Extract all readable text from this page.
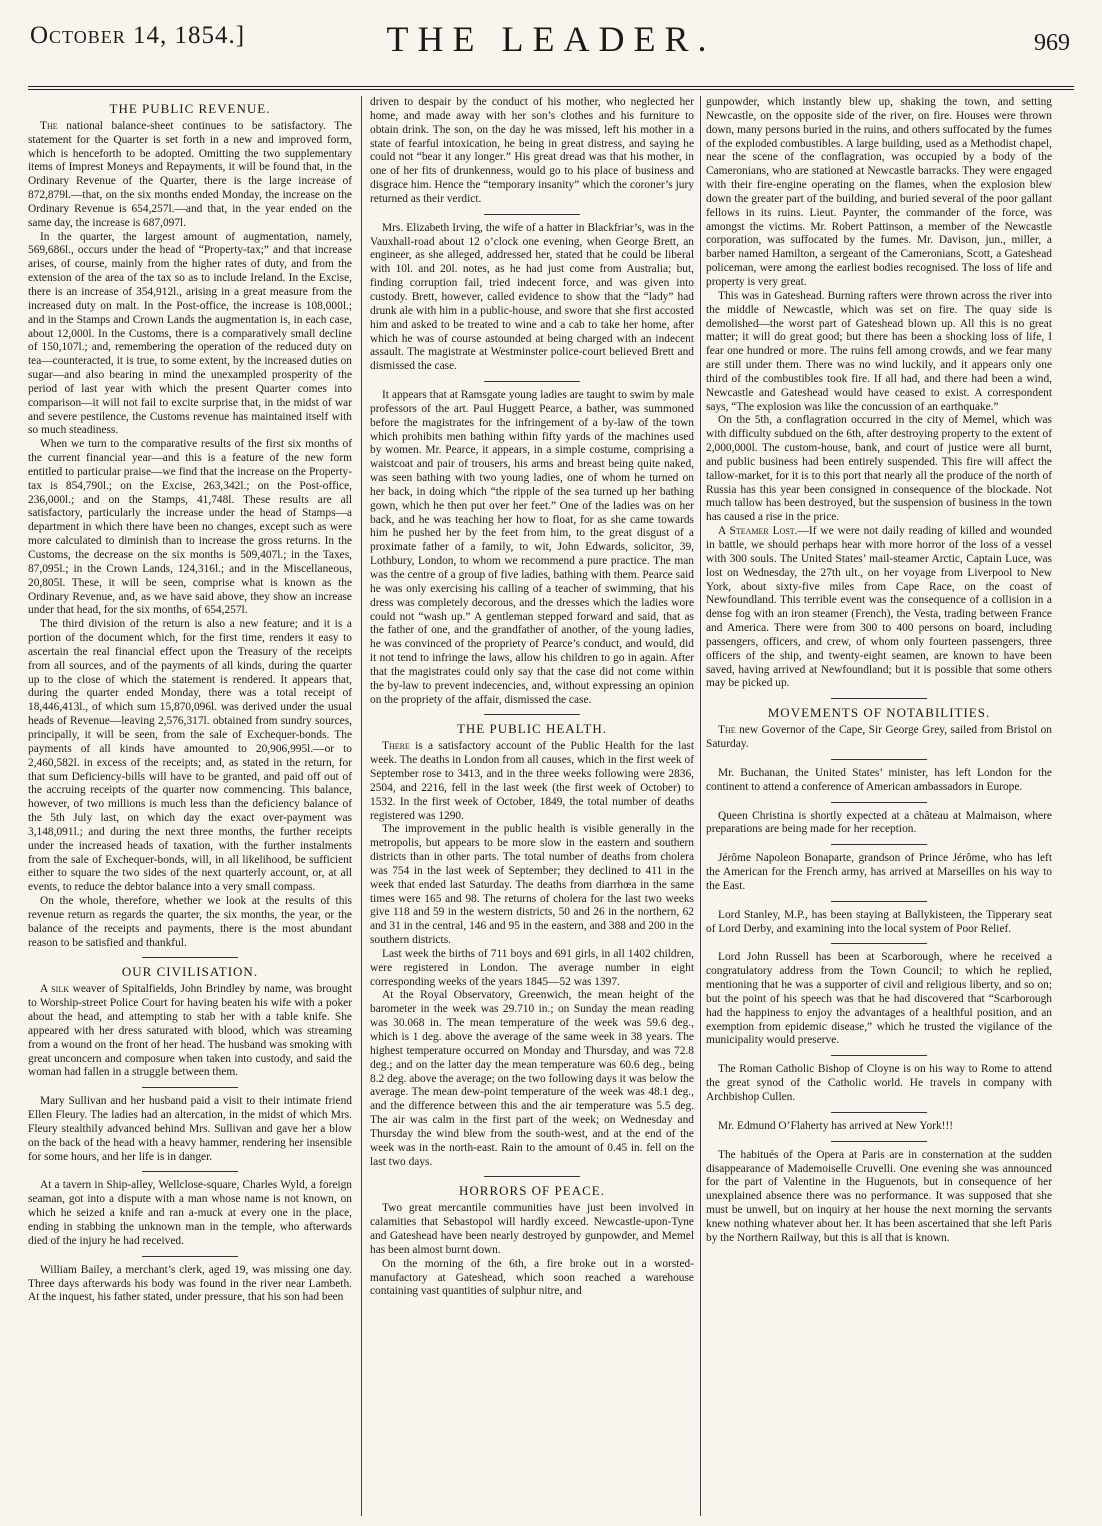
October 14, 1854.]	THE LEADER.	969
THE PUBLIC REVENUE.

The national balance-sheet continues to be satisfactory. The statement for the Quarter is set forth in a new and improved form, which is henceforth to be adopted. Omitting the two supplementary items of Imprest Moneys and Repayments, it will be found that, in the Ordinary Revenue of the Quarter, there is the large increase of 872,879l.—that, on the six months ended Monday, the increase on the Ordinary Revenue is 654,257l.—and that, in the year ended on the same day, the increase is 687,097l.

In the quarter, the largest amount of augmentation, namely, 569,686l., occurs under the head of “Property-tax;” and that increase arises, of course, mainly from the higher rates of duty, and from the extension of the area of the tax so as to include Ireland. In the Excise, there is an increase of 354,912l., arising in a great measure from the increased duty on malt. In the Post-office, the increase is 108,000l.; and in the Stamps and Crown Lands the augmentation is, in each case, about 12,000l. In the Customs, there is a comparatively small decline of 150,107l.; and, remembering the operation of the reduced duty on tea—counteracted, it is true, to some extent, by the increased duties on sugar—and also bearing in mind the unexampled prosperity of the period of last year with which the present Quarter comes into comparison—it will not fail to excite surprise that, in the midst of war and severe pestilence, the Customs revenue has maintained itself with so much steadiness.

When we turn to the comparative results of the first six months of the current financial year—and this is a feature of the new form entitled to particular praise—we find that the increase on the Property-tax is 854,790l.; on the Excise, 263,342l.; on the Post-office, 236,000l.; and on the Stamps, 41,748l. These results are all satisfactory, particularly the increase under the head of Stamps—a department in which there have been no changes, except such as were more calculated to diminish than to increase the gross returns. In the Customs, the decrease on the six months is 509,407l.; in the Taxes, 87,095l.; in the Crown Lands, 124,316l.; and in the Miscellaneous, 20,805l. These, it will be seen, comprise what is known as the Ordinary Revenue, and, as we have said above, they show an increase under that head, for the six months, of 654,257l.

The third division of the return is also a new feature; and it is a portion of the document which, for the first time, renders it easy to ascertain the real financial effect upon the Treasury of the receipts from all sources, and of the payments of all kinds, during the quarter up to the close of which the statement is rendered. It appears that, during the quarter ended Monday, there was a total receipt of 18,446,413l., of which sum 15,870,096l. was derived under the usual heads of Revenue—leaving 2,576,317l. obtained from sundry sources, principally, it will be seen, from the sale of Exchequer-bonds. The payments of all kinds have amounted to 20,906,995l.—or to 2,460,582l. in excess of the receipts; and, as stated in the return, for that sum Deficiency-bills will have to be granted, and paid off out of the accruing receipts of the quarter now commencing. This balance, however, of two millions is much less than the deficiency balance of the 5th July last, on which day the exact over-payment was 3,148,091l.; and during the next three months, the further receipts under the increased heads of taxation, with the further instalments from the sale of Exchequer-bonds, will, in all likelihood, be sufficient either to square the two sides of the next quarterly account, or, at all events, to reduce the debtor balance into a very small compass.

On the whole, therefore, whether we look at the results of this revenue return as regards the quarter, the six months, the year, or the balance of the receipts and payments, there is the most abundant reason to be satisfied and thankful.

OUR CIVILISATION.

A silk weaver of Spitalfields, John Brindley by name, was brought to Worship-street Police Court for having beaten his wife with a poker about the head, and attempting to stab her with a table knife. She appeared with her dress saturated with blood, which was streaming from a wound on the front of her head. The husband was smoking with great unconcern and composure when taken into custody, and said the woman had fallen in a struggle between them.

Mary Sullivan and her husband paid a visit to their intimate friend Ellen Fleury. The ladies had an altercation, in the midst of which Mrs. Fleury stealthily advanced behind Mrs. Sullivan and gave her a blow on the back of the head with a heavy hammer, rendering her insensible for some hours, and her life is in danger.

At a tavern in Ship-alley, Wellclose-square, Charles Wyld, a foreign seaman, got into a dispute with a man whose name is not known, on which he seized a knife and ran a-muck at every one in the place, ending in stabbing the unknown man in the temple, who afterwards died of the injury he had received.

William Bailey, a merchant’s clerk, aged 19, was missing one day. Three days afterwards his body was found in the river near Lambeth. At the inquest, his father stated, under pressure, that his son had been

driven to despair by the conduct of his mother, who neglected her home, and made away with her son’s clothes and his furniture to obtain drink. The son, on the day he was missed, left his mother in a state of fearful intoxication, he being in great distress, and saying he could not “bear it any longer.” His great dread was that his mother, in one of her fits of drunkenness, would go to his place of business and disgrace him. Hence the “temporary insanity” which the coroner’s jury returned as their verdict.

Mrs. Elizabeth Irving, the wife of a hatter in Blackfriar’s, was in the Vauxhall-road about 12 o’clock one evening, when George Brett, an engineer, as she alleged, addressed her, stated that he could be liberal with 10l. and 20l. notes, as he had just come from Australia; but, finding corruption fail, tried indecent force, and was given into custody. Brett, however, called evidence to show that the “lady” had drunk ale with him in a public-house, and swore that she first accosted him and asked to be treated to wine and a cab to take her home, after which he was of course astounded at being charged with an indecent assault. The magistrate at Westminster police-court believed Brett and dismissed the case.

It appears that at Ramsgate young ladies are taught to swim by male professors of the art. Paul Huggett Pearce, a bather, was summoned before the magistrates for the infringement of a by-law of the town which prohibits men bathing within fifty yards of the machines used by women. Mr. Pearce, it appears, in a simple costume, comprising a waistcoat and pair of trousers, his arms and breast being quite naked, was seen bathing with two young ladies, one of whom he turned on her back, in doing which “the ripple of the sea turned up her bathing gown, which he then put over her feet.” One of the ladies was on her back, and he was teaching her how to float, for as she came towards him he pushed her by the feet from him, to the great disgust of a proximate father of a family, to wit, John Edwards, solicitor, 39, Lothbury, London, to whom we recommend a pure practice. The man was the centre of a group of five ladies, bathing with them. Pearce said he was only exercising his calling of a teacher of swimming, that his dress was completely decorous, and the dresses which the ladies wore could not “wash up.” A gentleman stepped forward and said, that as the father of one, and the grandfather of another, of the young ladies, he was convinced of the propriety of Pearce’s conduct, and would, did it not tend to infringe the laws, allow his children to go in again. After that the magistrates could only say that the case did not come within the by-law to prevent indecencies, and, without expressing an opinion on the propriety of the affair, dismissed the case.

THE PUBLIC HEALTH.

There is a satisfactory account of the Public Health for the last week. The deaths in London from all causes, which in the first week of September rose to 3413, and in the three weeks following were 2836, 2504, and 2216, fell in the last week (the first week of October) to 1532. In the first week of October, 1849, the total number of deaths registered was 1290.

The improvement in the public health is visible generally in the metropolis, but appears to be more slow in the eastern and southern districts than in other parts. The total number of deaths from cholera was 754 in the last week of September; they declined to 411 in the week that ended last Saturday. The deaths from diarrhœa in the same times were 165 and 98. The returns of cholera for the last two weeks give 118 and 59 in the western districts, 50 and 26 in the northern, 62 and 31 in the central, 146 and 95 in the eastern, and 388 and 200 in the southern districts.

Last week the births of 711 boys and 691 girls, in all 1402 children, were registered in London. The average number in eight corresponding weeks of the years 1845—52 was 1397.

At the Royal Observatory, Greenwich, the mean height of the barometer in the week was 29.710 in.; on Sunday the mean reading was 30.068 in. The mean temperature of the week was 59.6 deg., which is 1 deg. above the average of the same week in 38 years. The highest temperature occurred on Monday and Thursday, and was 72.8 deg.; and on the latter day the mean temperature was 60.6 deg., being 8.2 deg. above the average; on the two following days it was below the average. The mean dew-point temperature of the week was 48.1 deg., and the difference between this and the air temperature was 5.5 deg. The air was calm in the first part of the week; on Wednesday and Thursday the wind blew from the south-west, and at the end of the week was in the north-east. Rain to the amount of 0.45 in. fell on the last two days.

HORRORS OF PEACE.

Two great mercantile communities have just been involved in calamities that Sebastopol will hardly exceed. Newcastle-upon-Tyne and Gateshead have been nearly destroyed by gunpowder, and Memel has been almost burnt down.

On the morning of the 6th, a fire broke out in a worsted-manufactory at Gateshead, which soon reached a warehouse containing vast quantities of sulphur nitre, and

gunpowder, which instantly blew up, shaking the town, and setting Newcastle, on the opposite side of the river, on fire. Houses were thrown down, many persons buried in the ruins, and others suffocated by the fumes of the exploded combustibles. A large building, used as a Methodist chapel, near the scene of the conflagration, was occupied by a body of the Cameronians, who are stationed at Newcastle barracks. They were engaged with their fire-engine operating on the flames, when the explosion blew down the greater part of the building, and buried several of the poor gallant fellows in its ruins. Lieut. Paynter, the commander of the force, was amongst the victims. Mr. Robert Pattinson, a member of the Newcastle corporation, was suffocated by the fumes. Mr. Davison, jun., miller, a barber named Hamilton, a sergeant of the Cameronians, Scott, a Gateshead policeman, were among the earliest bodies recognised. The loss of life and property is very great.

This was in Gateshead. Burning rafters were thrown across the river into the middle of Newcastle, which was set on fire. The quay side is demolished—the worst part of Gateshead blown up. All this is no great matter; it will do great good; but there has been a shocking loss of life, I fear one hundred or more. The ruins fell among crowds, and we fear many are still under them. There was no wind luckily, and it appears only one third of the combustibles took fire. If all had, and there had been a wind, Newcastle and Gateshead would have ceased to exist. A correspondent says, “The explosion was like the concussion of an earthquake.”

On the 5th, a conflagration occurred in the city of Memel, which was with difficulty subdued on the 6th, after destroying property to the extent of 2,000,000l. The custom-house, bank, and court of justice were all burnt, and public business had been entirely suspended. This fire will affect the tallow-market, for it is to this port that nearly all the produce of the north of Russia has this year been consigned in consequence of the blockade. Not much tallow has been destroyed, but the suspension of business in the town has caused a rise in the price.

A Steamer Lost.—If we were not daily reading of killed and wounded in battle, we should perhaps hear with more horror of the loss of a vessel with 300 souls. The United States’ mail-steamer Arctic, Captain Luce, was lost on Wednesday, the 27th ult., on her voyage from Liverpool to New York, about sixty-five miles from Cape Race, on the coast of Newfoundland. This terrible event was the consequence of a collision in a dense fog with an iron steamer (French), the Vesta, trading between France and America. There were from 300 to 400 persons on board, including passengers, officers, and crew, of whom only fourteen passengers, three officers of the ship, and twenty-eight seamen, are known to have been saved, having arrived at Newfoundland; but it is possible that some others may be picked up.

MOVEMENTS OF NOTABILITIES.

The new Governor of the Cape, Sir George Grey, sailed from Bristol on Saturday.

Mr. Buchanan, the United States’ minister, has left London for the continent to attend a conference of American ambassadors in Europe.

Queen Christina is shortly expected at a château at Malmaison, where preparations are being made for her reception.

Jérôme Napoleon Bonaparte, grandson of Prince Jérôme, who has left the American for the French army, has arrived at Marseilles on his way to the East.

Lord Stanley, M.P., has been staying at Ballykisteen, the Tipperary seat of Lord Derby, and examining into the local system of Poor Relief.

Lord John Russell has been at Scarborough, where he received a congratulatory address from the Town Council; to which he replied, mentioning that he was a supporter of civil and religious liberty, and so on; but the point of his speech was that he had discovered that “Scarborough had the happiness to enjoy the advantages of a healthful position, and an exemption from epidemic disease,” which he trusted the vigilance of the municipality would preserve.

The Roman Catholic Bishop of Cloyne is on his way to Rome to attend the great synod of the Catholic world. He travels in company with Archbishop Cullen.

Mr. Edmund O’Flaherty has arrived at New York!!!

The habitués of the Opera at Paris are in consternation at the sudden disappearance of Mademoiselle Cruvelli. One evening she was announced for the part of Valentine in the Huguenots, but in consequence of her unexplained absence there was no performance. It was supposed that she must be unwell, but on inquiry at her house the next morning the servants knew nothing whatever about her. It has been ascertained that she left Paris by the Northern Railway, but this is all that is known.
